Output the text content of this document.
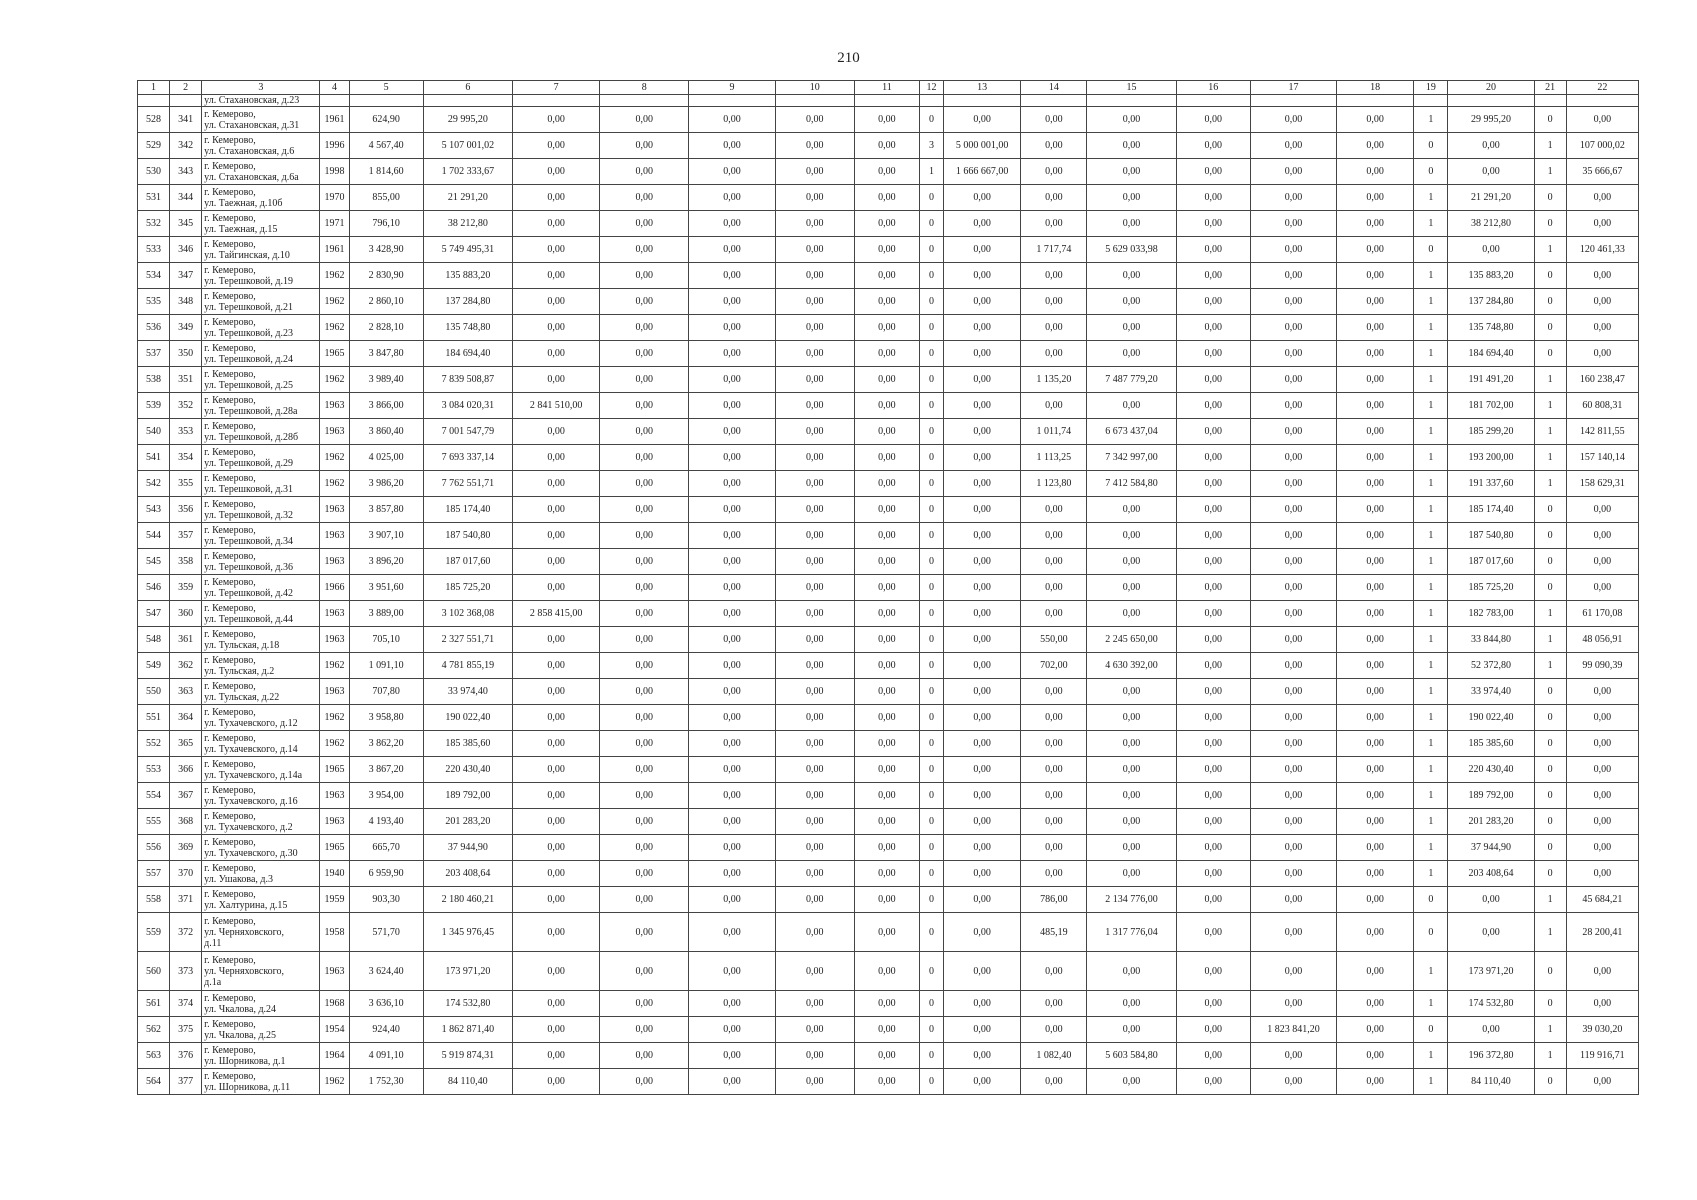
210
1	2	3	4	5	6	7	8	9	10	11	12	13	14	15	16	17	18	19	20	21	22
		ул. Стахановская, д.23																			
528	341	г. Кемерово,
ул. Стахановская, д.31	1961	624,90	29 995,20	0,00	0,00	0,00	0,00	0,00	0	0,00	0,00	0,00	0,00	0,00	0,00	1	29 995,20	0	0,00
529	342	г. Кемерово,
ул. Стахановская, д.6	1996	4 567,40	5 107 001,02	0,00	0,00	0,00	0,00	0,00	3	5 000 001,00	0,00	0,00	0,00	0,00	0,00	0	0,00	1	107 000,02
530	343	г. Кемерово,
ул. Стахановская, д.6а	1998	1 814,60	1 702 333,67	0,00	0,00	0,00	0,00	0,00	1	1 666 667,00	0,00	0,00	0,00	0,00	0,00	0	0,00	1	35 666,67
531	344	г. Кемерово,
ул. Таежная, д.10б	1970	855,00	21 291,20	0,00	0,00	0,00	0,00	0,00	0	0,00	0,00	0,00	0,00	0,00	0,00	1	21 291,20	0	0,00
532	345	г. Кемерово,
ул. Таежная, д.15	1971	796,10	38 212,80	0,00	0,00	0,00	0,00	0,00	0	0,00	0,00	0,00	0,00	0,00	0,00	1	38 212,80	0	0,00
533	346	г. Кемерово,
ул. Тайгинская, д.10	1961	3 428,90	5 749 495,31	0,00	0,00	0,00	0,00	0,00	0	0,00	1 717,74	5 629 033,98	0,00	0,00	0,00	0	0,00	1	120 461,33
534	347	г. Кемерово,
ул. Терешковой, д.19	1962	2 830,90	135 883,20	0,00	0,00	0,00	0,00	0,00	0	0,00	0,00	0,00	0,00	0,00	0,00	1	135 883,20	0	0,00
535	348	г. Кемерово,
ул. Терешковой, д.21	1962	2 860,10	137 284,80	0,00	0,00	0,00	0,00	0,00	0	0,00	0,00	0,00	0,00	0,00	0,00	1	137 284,80	0	0,00
536	349	г. Кемерово,
ул. Терешковой, д.23	1962	2 828,10	135 748,80	0,00	0,00	0,00	0,00	0,00	0	0,00	0,00	0,00	0,00	0,00	0,00	1	135 748,80	0	0,00
537	350	г. Кемерово,
ул. Терешковой, д.24	1965	3 847,80	184 694,40	0,00	0,00	0,00	0,00	0,00	0	0,00	0,00	0,00	0,00	0,00	0,00	1	184 694,40	0	0,00
538	351	г. Кемерово,
ул. Терешковой, д.25	1962	3 989,40	7 839 508,87	0,00	0,00	0,00	0,00	0,00	0	0,00	1 135,20	7 487 779,20	0,00	0,00	0,00	1	191 491,20	1	160 238,47
539	352	г. Кемерово,
ул. Терешковой, д.28а	1963	3 866,00	3 084 020,31	2 841 510,00	0,00	0,00	0,00	0,00	0	0,00	0,00	0,00	0,00	0,00	0,00	1	181 702,00	1	60 808,31
540	353	г. Кемерово,
ул. Терешковой, д.28б	1963	3 860,40	7 001 547,79	0,00	0,00	0,00	0,00	0,00	0	0,00	1 011,74	6 673 437,04	0,00	0,00	0,00	1	185 299,20	1	142 811,55
541	354	г. Кемерово,
ул. Терешковой, д.29	1962	4 025,00	7 693 337,14	0,00	0,00	0,00	0,00	0,00	0	0,00	1 113,25	7 342 997,00	0,00	0,00	0,00	1	193 200,00	1	157 140,14
542	355	г. Кемерово,
ул. Терешковой, д.31	1962	3 986,20	7 762 551,71	0,00	0,00	0,00	0,00	0,00	0	0,00	1 123,80	7 412 584,80	0,00	0,00	0,00	1	191 337,60	1	158 629,31
543	356	г. Кемерово,
ул. Терешковой, д.32	1963	3 857,80	185 174,40	0,00	0,00	0,00	0,00	0,00	0	0,00	0,00	0,00	0,00	0,00	0,00	1	185 174,40	0	0,00
544	357	г. Кемерово,
ул. Терешковой, д.34	1963	3 907,10	187 540,80	0,00	0,00	0,00	0,00	0,00	0	0,00	0,00	0,00	0,00	0,00	0,00	1	187 540,80	0	0,00
545	358	г. Кемерово,
ул. Терешковой, д.36	1963	3 896,20	187 017,60	0,00	0,00	0,00	0,00	0,00	0	0,00	0,00	0,00	0,00	0,00	0,00	1	187 017,60	0	0,00
546	359	г. Кемерово,
ул. Терешковой, д.42	1966	3 951,60	185 725,20	0,00	0,00	0,00	0,00	0,00	0	0,00	0,00	0,00	0,00	0,00	0,00	1	185 725,20	0	0,00
547	360	г. Кемерово,
ул. Терешковой, д.44	1963	3 889,00	3 102 368,08	2 858 415,00	0,00	0,00	0,00	0,00	0	0,00	0,00	0,00	0,00	0,00	0,00	1	182 783,00	1	61 170,08
548	361	г. Кемерово,
ул. Тульская, д.18	1963	705,10	2 327 551,71	0,00	0,00	0,00	0,00	0,00	0	0,00	550,00	2 245 650,00	0,00	0,00	0,00	1	33 844,80	1	48 056,91
549	362	г. Кемерово,
ул. Тульская, д.2	1962	1 091,10	4 781 855,19	0,00	0,00	0,00	0,00	0,00	0	0,00	702,00	4 630 392,00	0,00	0,00	0,00	1	52 372,80	1	99 090,39
550	363	г. Кемерово,
ул. Тульская, д.22	1963	707,80	33 974,40	0,00	0,00	0,00	0,00	0,00	0	0,00	0,00	0,00	0,00	0,00	0,00	1	33 974,40	0	0,00
551	364	г. Кемерово,
ул. Тухачевского, д.12	1962	3 958,80	190 022,40	0,00	0,00	0,00	0,00	0,00	0	0,00	0,00	0,00	0,00	0,00	0,00	1	190 022,40	0	0,00
552	365	г. Кемерово,
ул. Тухачевского, д.14	1962	3 862,20	185 385,60	0,00	0,00	0,00	0,00	0,00	0	0,00	0,00	0,00	0,00	0,00	0,00	1	185 385,60	0	0,00
553	366	г. Кемерово,
ул. Тухачевского, д.14а	1965	3 867,20	220 430,40	0,00	0,00	0,00	0,00	0,00	0	0,00	0,00	0,00	0,00	0,00	0,00	1	220 430,40	0	0,00
554	367	г. Кемерово,
ул. Тухачевского, д.16	1963	3 954,00	189 792,00	0,00	0,00	0,00	0,00	0,00	0	0,00	0,00	0,00	0,00	0,00	0,00	1	189 792,00	0	0,00
555	368	г. Кемерово,
ул. Тухачевского, д.2	1963	4 193,40	201 283,20	0,00	0,00	0,00	0,00	0,00	0	0,00	0,00	0,00	0,00	0,00	0,00	1	201 283,20	0	0,00
556	369	г. Кемерово,
ул. Тухачевского, д.30	1965	665,70	37 944,90	0,00	0,00	0,00	0,00	0,00	0	0,00	0,00	0,00	0,00	0,00	0,00	1	37 944,90	0	0,00
557	370	г. Кемерово,
ул. Ушакова, д.3	1940	6 959,90	203 408,64	0,00	0,00	0,00	0,00	0,00	0	0,00	0,00	0,00	0,00	0,00	0,00	1	203 408,64	0	0,00
558	371	г. Кемерово,
ул. Халтурина, д.15	1959	903,30	2 180 460,21	0,00	0,00	0,00	0,00	0,00	0	0,00	786,00	2 134 776,00	0,00	0,00	0,00	0	0,00	1	45 684,21
559	372	г. Кемерово,
ул. Черняховского,
д.11	1958	571,70	1 345 976,45	0,00	0,00	0,00	0,00	0,00	0	0,00	485,19	1 317 776,04	0,00	0,00	0,00	0	0,00	1	28 200,41
560	373	г. Кемерово,
ул. Черняховского,
д.1а	1963	3 624,40	173 971,20	0,00	0,00	0,00	0,00	0,00	0	0,00	0,00	0,00	0,00	0,00	0,00	1	173 971,20	0	0,00
561	374	г. Кемерово,
ул. Чкалова, д.24	1968	3 636,10	174 532,80	0,00	0,00	0,00	0,00	0,00	0	0,00	0,00	0,00	0,00	0,00	0,00	1	174 532,80	0	0,00
562	375	г. Кемерово,
ул. Чкалова, д.25	1954	924,40	1 862 871,40	0,00	0,00	0,00	0,00	0,00	0	0,00	0,00	0,00	0,00	1 823 841,20	0,00	0	0,00	1	39 030,20
563	376	г. Кемерово,
ул. Шорникова, д.1	1964	4 091,10	5 919 874,31	0,00	0,00	0,00	0,00	0,00	0	0,00	1 082,40	5 603 584,80	0,00	0,00	0,00	1	196 372,80	1	119 916,71
564	377	г. Кемерово,
ул. Шорникова, д.11	1962	1 752,30	84 110,40	0,00	0,00	0,00	0,00	0,00	0	0,00	0,00	0,00	0,00	0,00	0,00	1	84 110,40	0	0,00
